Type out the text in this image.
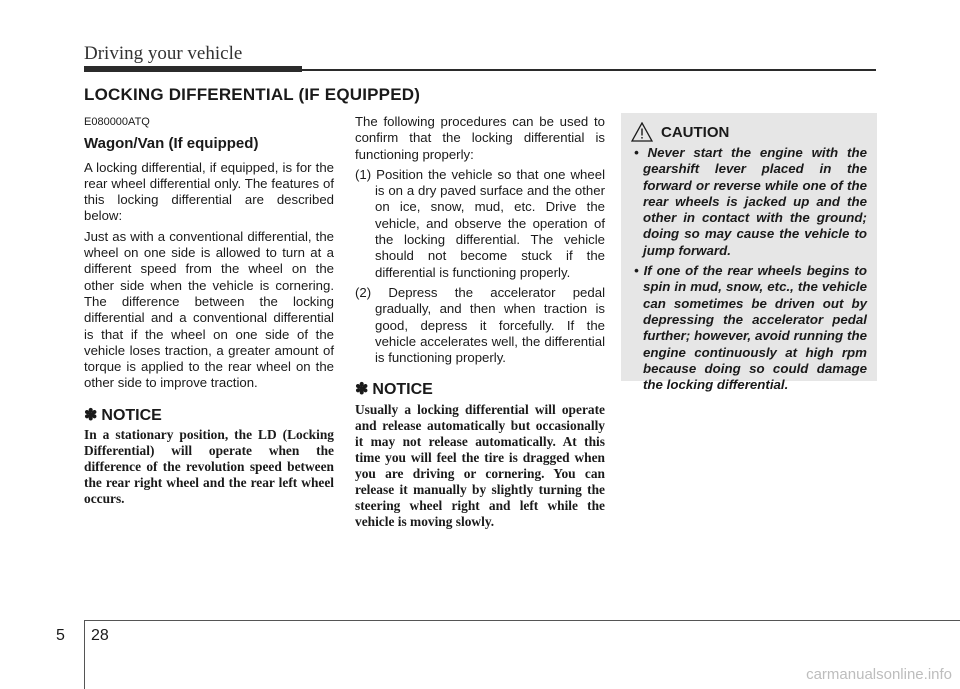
Driving your vehicle
LOCKING DIFFERENTIAL (IF EQUIPPED)
E080000ATQ
Wagon/Van (If equipped)

A locking differential, if equipped, is for the rear wheel differential only. The features of this locking differential are described below:

Just as with a conventional differential, the wheel on one side is allowed to turn at a different speed from the wheel on the other side when the vehicle is cornering. The difference between the locking differential and a conventional differential is that if the wheel on one side of the vehicle loses traction, a greater amount of torque is applied to the rear wheel on the other side to improve traction.

✽ NOTICE

In a stationary position, the LD (Locking Differential) will operate when the difference of the revolution speed between the rear right wheel and the rear left wheel occurs.

The following procedures can be used to confirm that the locking differential is functioning properly:

(1) Position the vehicle so that one wheel is on a dry paved surface and the other on ice, snow, mud, etc. Drive the vehicle, and observe the operation of the locking differential. The vehicle should not become stuck if the differential is functioning properly.
(2) Depress the accelerator pedal gradually, and then when traction is good, depress it forcefully. If the vehicle accelerates well, the differential is functioning properly.
✽ NOTICE

Usually a locking differential will operate and release automatically but occasionally it may not release automatically. At this time you will feel the tire is dragged when you are driving or cornering. You can release it manually by slightly turning the steering wheel right and left while the vehicle is moving slowly.

CAUTION
• Never start the engine with the gearshift lever placed in the forward or reverse while one of the rear wheels is jacked up and the other in contact with the ground; doing so may cause the vehicle to jump forward.
• If one of the rear wheels begins to spin in mud, snow, etc., the vehicle can sometimes be driven out by depressing the accelerator pedal further; however, avoid running the engine continuously at high rpm because doing so could damage the locking differential.
5 28
carmanualsonline.info
